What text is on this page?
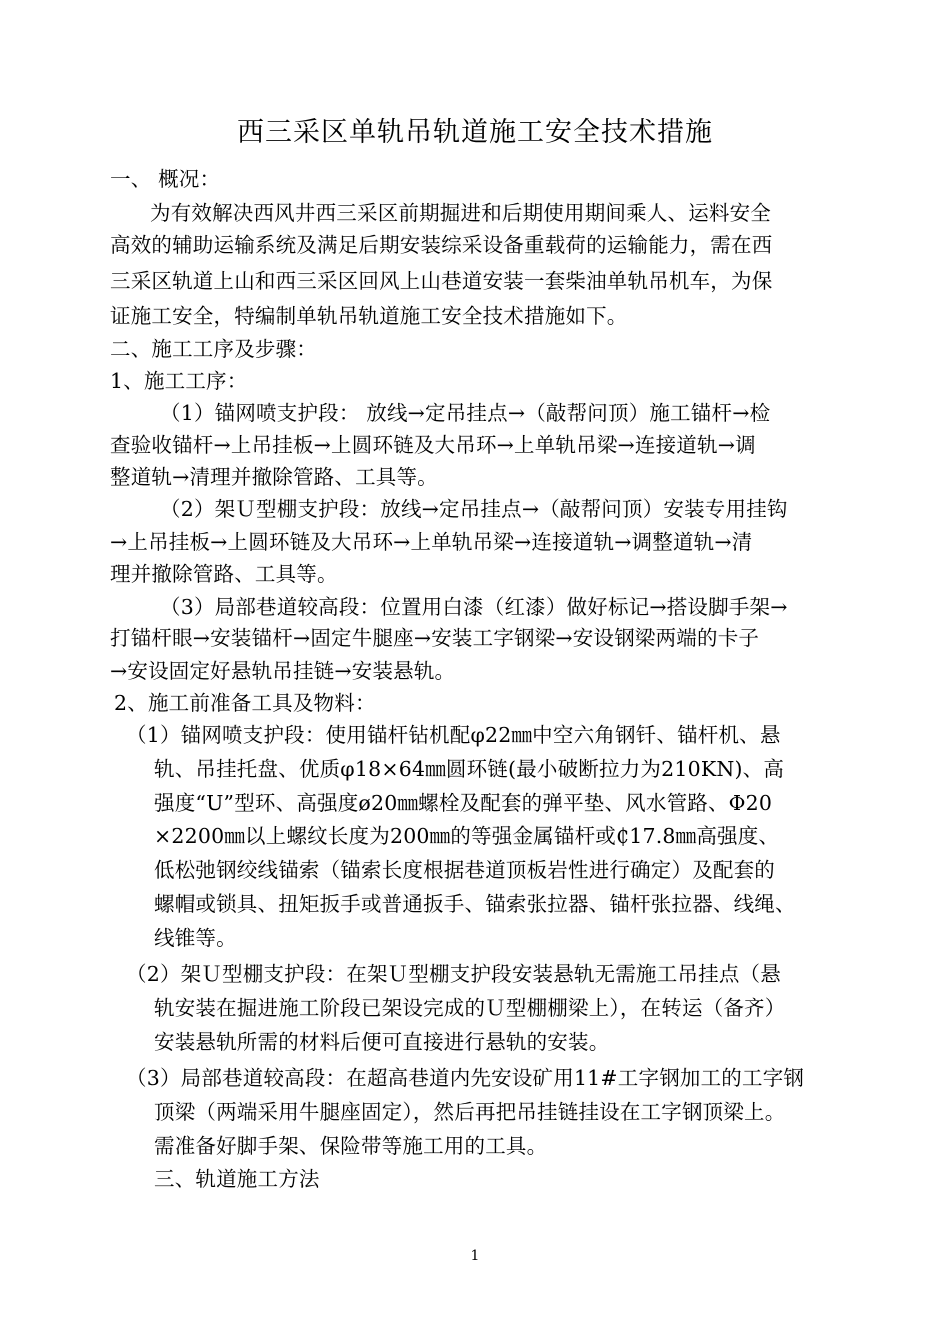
西三采区单轨吊轨道施工安全技术措施
一、 概况：
为有效解决西风井西三采区前期掘进和后期使用期间乘人、运料安全
高效的辅助运输系统及满足后期安装综采设备重载荷的运输能力，需在西
三采区轨道上山和西三采区回风上山巷道安装一套柴油单轨吊机车，为保
证施工安全，特编制单轨吊轨道施工安全技术措施如下。
二、施工工序及步骤：
1、施工工序：
（1）锚网喷支护段： 放线→定吊挂点→（敲帮问顶）施工锚杆→检
查验收锚杆→上吊挂板→上圆环链及大吊环→上单轨吊梁→连接道轨→调
整道轨→清理并撤除管路、工具等。
（2）架Ｕ型棚支护段：放线→定吊挂点→（敲帮问顶）安装专用挂钩
→上吊挂板→上圆环链及大吊环→上单轨吊梁→连接道轨→调整道轨→清
理并撤除管路、工具等。
（3）局部巷道较高段：位置用白漆（红漆）做好标记→搭设脚手架→
打锚杆眼→安装锚杆→固定牛腿座→安装工字钢梁→安设钢梁两端的卡子
→安设固定好悬轨吊挂链→安装悬轨。
2、施工前准备工具及物料：
（1）锚网喷支护段：使用锚杆钻机配φ22㎜中空六角钢钎、锚杆机、悬
轨、吊挂托盘、优质φ18×64㎜圆环链(最小破断拉力为210KN)、高
强度“U”型环、高强度ø20㎜螺栓及配套的弹平垫、风水管路、Φ20
×2200㎜以上螺纹长度为200㎜的等强金属锚杆或₵17.8㎜高强度、
低松弛钢绞线锚索（锚索长度根据巷道顶板岩性进行确定）及配套的
螺帽或锁具、扭矩扳手或普通扳手、锚索张拉器、锚杆张拉器、线绳、
线锥等。
（2）架Ｕ型棚支护段：在架Ｕ型棚支护段安装悬轨无需施工吊挂点（悬
轨安装在掘进施工阶段已架设完成的Ｕ型棚棚梁上），在转运（备齐）
安装悬轨所需的材料后便可直接进行悬轨的安装。
（3）局部巷道较高段：在超高巷道内先安设矿用11#工字钢加工的工字钢
顶梁（两端采用牛腿座固定），然后再把吊挂链挂设在工字钢顶梁上。
需准备好脚手架、保险带等施工用的工具。
三、轨道施工方法
1
